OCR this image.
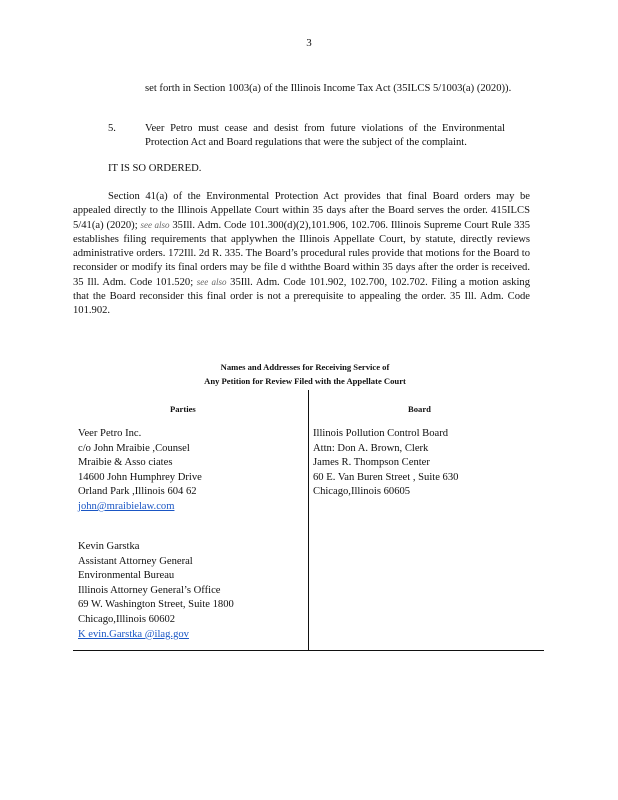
3
set forth in Section 1003(a) of the Illinois Income Tax Act (35ILCS 5/1003(a) (2020)).
5.	Veer Petro must cease and desist from future violations of the Environmental Protection Act and Board regulations that were the subject of the complaint.
IT IS SO ORDERED.

Section 41(a) of the Environmental Protection Act provides that final Board orders may be appealed directly to the Illinois Appellate Court within 35 days after the Board serves the order. 415ILCS 5/41(a) (2020); see also 35Ill. Adm. Code 101.300(d)(2),101.906, 102.706. Illinois Supreme Court Rule 335 establishes filing requirements that applywhen the Illinois Appellate Court, by statute, directly reviews administrative orders. 172Ill. 2d R. 335. The Board’s procedural rules provide that motions for the Board to reconsider or modify its final orders may be file d withthe Board within 35 days after the order is received. 35 Ill. Adm. Code 101.520; see also 35Ill. Adm. Code 101.902, 102.700, 102.702. Filing a motion asking that the Board reconsider this final order is not a prerequisite to appealing the order. 35 Ill. Adm. Code 101.902.

Names and Addresses for Receiving Service of
Any Petition for Review Filed with the Appellate Court
Parties	Board
Veer Petro Inc.
c/o John Mraibie ,Counsel
Mraibie & Asso ciates
14600 John Humphrey Drive
Orland Park ,Illinois 604 62
john@mraibielaw.com
Kevin Garstka
Assistant Attorney General
Environmental Bureau
Illinois Attorney General’s Office
69 W. Washington Street, Suite 1800
Chicago,Illinois 60602
K evin.Garstka @ilag.gov
Illinois Pollution Control Board
Attn: Don A. Brown, Clerk
James R. Thompson Center
60 E. Van Buren Street , Suite 630
Chicago,Illinois 60605
